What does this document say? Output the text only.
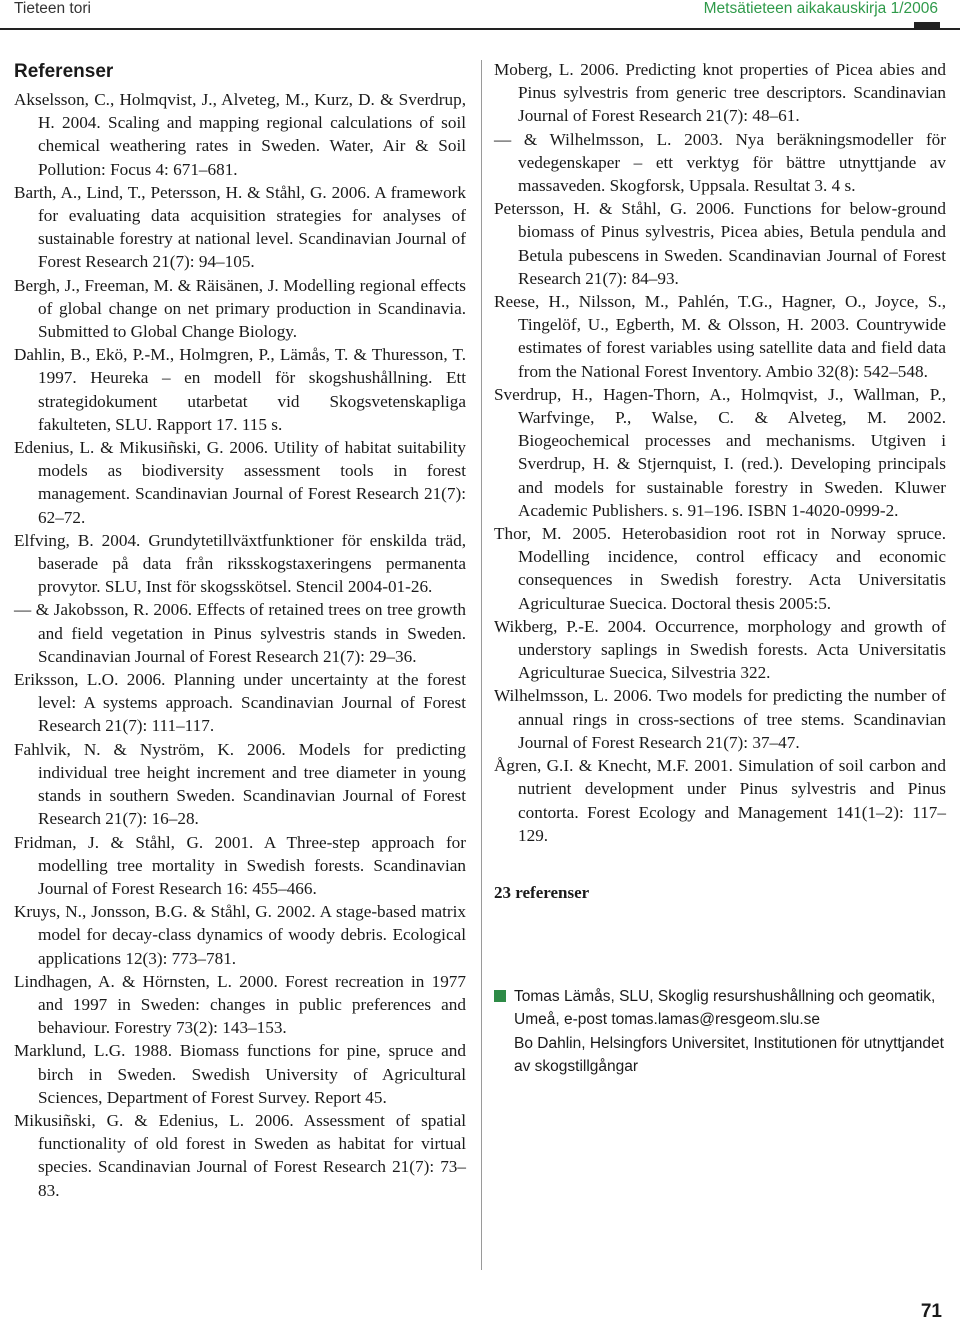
Tieteen tori	Metsätieteen aikakauskirja 1/2006
Referenser

Akselsson, C., Holmqvist, J., Alveteg, M., Kurz, D. & Sverdrup, H. 2004. Scaling and mapping regional calculations of soil chemical weathering rates in Sweden. Water, Air & Soil Pollution: Focus 4: 671–681.

Barth, A., Lind, T., Petersson, H. & Ståhl, G. 2006. A framework for evaluating data acquisition strategies for analyses of sustainable forestry at national level. Scandinavian Journal of Forest Research 21(7): 94–105.

Bergh, J., Freeman, M. & Räisänen, J. Modelling regional effects of global change on net primary production in Scandinavia. Submitted to Global Change Biology.

Dahlin, B., Ekö, P.-M., Holmgren, P., Lämås, T. & Thuresson, T. 1997. Heureka – en modell för skogshushållning. Ett strategidokument utarbetat vid Skogsvetenskapliga fakulteten, SLU. Rapport 17. 115 s.

Edenius, L. & Mikusiñski, G. 2006. Utility of habitat suitability models as biodiversity assessment tools in forest management. Scandinavian Journal of Forest Research 21(7): 62–72.

Elfving, B. 2004. Grundytetillväxtfunktioner för enskilda träd, baserade på data från riksskogstaxeringens permanenta provytor. SLU, Inst för skogsskötsel. Stencil 2004-01-26.

— & Jakobsson, R. 2006. Effects of retained trees on tree growth and field vegetation in Pinus sylvestris stands in Sweden. Scandinavian Journal of Forest Research 21(7): 29–36.

Eriksson, L.O. 2006. Planning under uncertainty at the forest level: A systems approach. Scandinavian Journal of Forest Research 21(7): 111–117.

Fahlvik, N. & Nyström, K. 2006. Models for predicting individual tree height increment and tree diameter in young stands in southern Sweden. Scandinavian Journal of Forest Research 21(7): 16–28.

Fridman, J. & Ståhl, G. 2001. A Three-step approach for modelling tree mortality in Swedish forests. Scandinavian Journal of Forest Research 16: 455–466.

Kruys, N., Jonsson, B.G. & Ståhl, G. 2002. A stage-based matrix model for decay-class dynamics of woody debris. Ecological applications 12(3): 773–781.

Lindhagen, A. & Hörnsten, L. 2000. Forest recreation in 1977 and 1997 in Sweden: changes in public preferences and behaviour. Forestry 73(2): 143–153.

Marklund, L.G. 1988. Biomass functions for pine, spruce and birch in Sweden. Swedish University of Agricultural Sciences, Department of Forest Survey. Report 45.

Mikusiñski, G. & Edenius, L. 2006. Assessment of spatial functionality of old forest in Sweden as habitat for virtual species. Scandinavian Journal of Forest Research 21(7): 73–83.

Moberg, L. 2006. Predicting knot properties of Picea abies and Pinus sylvestris from generic tree descriptors. Scandinavian Journal of Forest Research 21(7): 48–61.

— & Wilhelmsson, L. 2003. Nya beräkningsmodeller för vedegenskaper – ett verktyg för bättre utnyttjande av massaveden. Skogforsk, Uppsala. Resultat 3. 4 s.

Petersson, H. & Ståhl, G. 2006. Functions for below-ground biomass of Pinus sylvestris, Picea abies, Betula pendula and Betula pubescens in Sweden. Scandinavian Journal of Forest Research 21(7): 84–93.

Reese, H., Nilsson, M., Pahlén, T.G., Hagner, O., Joyce, S., Tingelöf, U., Egberth, M. & Olsson, H. 2003. Countrywide estimates of forest variables using satellite data and field data from the National Forest Inventory. Ambio 32(8): 542–548.

Sverdrup, H., Hagen-Thorn, A., Holmqvist, J., Wallman, P., Warfvinge, P., Walse, C. & Alveteg, M. 2002. Biogeochemical processes and mechanisms. Utgiven i Sverdrup, H. & Stjernquist, I. (red.). Developing principals and models for sustainable forestry in Sweden. Kluwer Academic Publishers. s. 91–196. ISBN 1-4020-0999-2.

Thor, M. 2005. Heterobasidion root rot in Norway spruce. Modelling incidence, control efficacy and economic consequences in Swedish forestry. Acta Universitatis Agriculturae Suecica. Doctoral thesis 2005:5.

Wikberg, P.-E. 2004. Occurrence, morphology and growth of understory saplings in Swedish forests. Acta Universitatis Agriculturae Suecica, Silvestria 322.

Wilhelmsson, L. 2006. Two models for predicting the number of annual rings in cross-sections of tree stems. Scandinavian Journal of Forest Research 21(7): 37–47.

Ågren, G.I. & Knecht, M.F. 2001. Simulation of soil carbon and nutrient development under Pinus sylvestris and Pinus contorta. Forest Ecology and Management 141(1–2): 117–129.

23 referenser
Tomas Lämås, SLU, Skoglig resurshushållning och geomatik, Umeå, e-post tomas.lamas@resgeom.slu.se
Bo Dahlin, Helsingfors Universitet, Institutionen för utnyttjandet av skogstillgångar
71
